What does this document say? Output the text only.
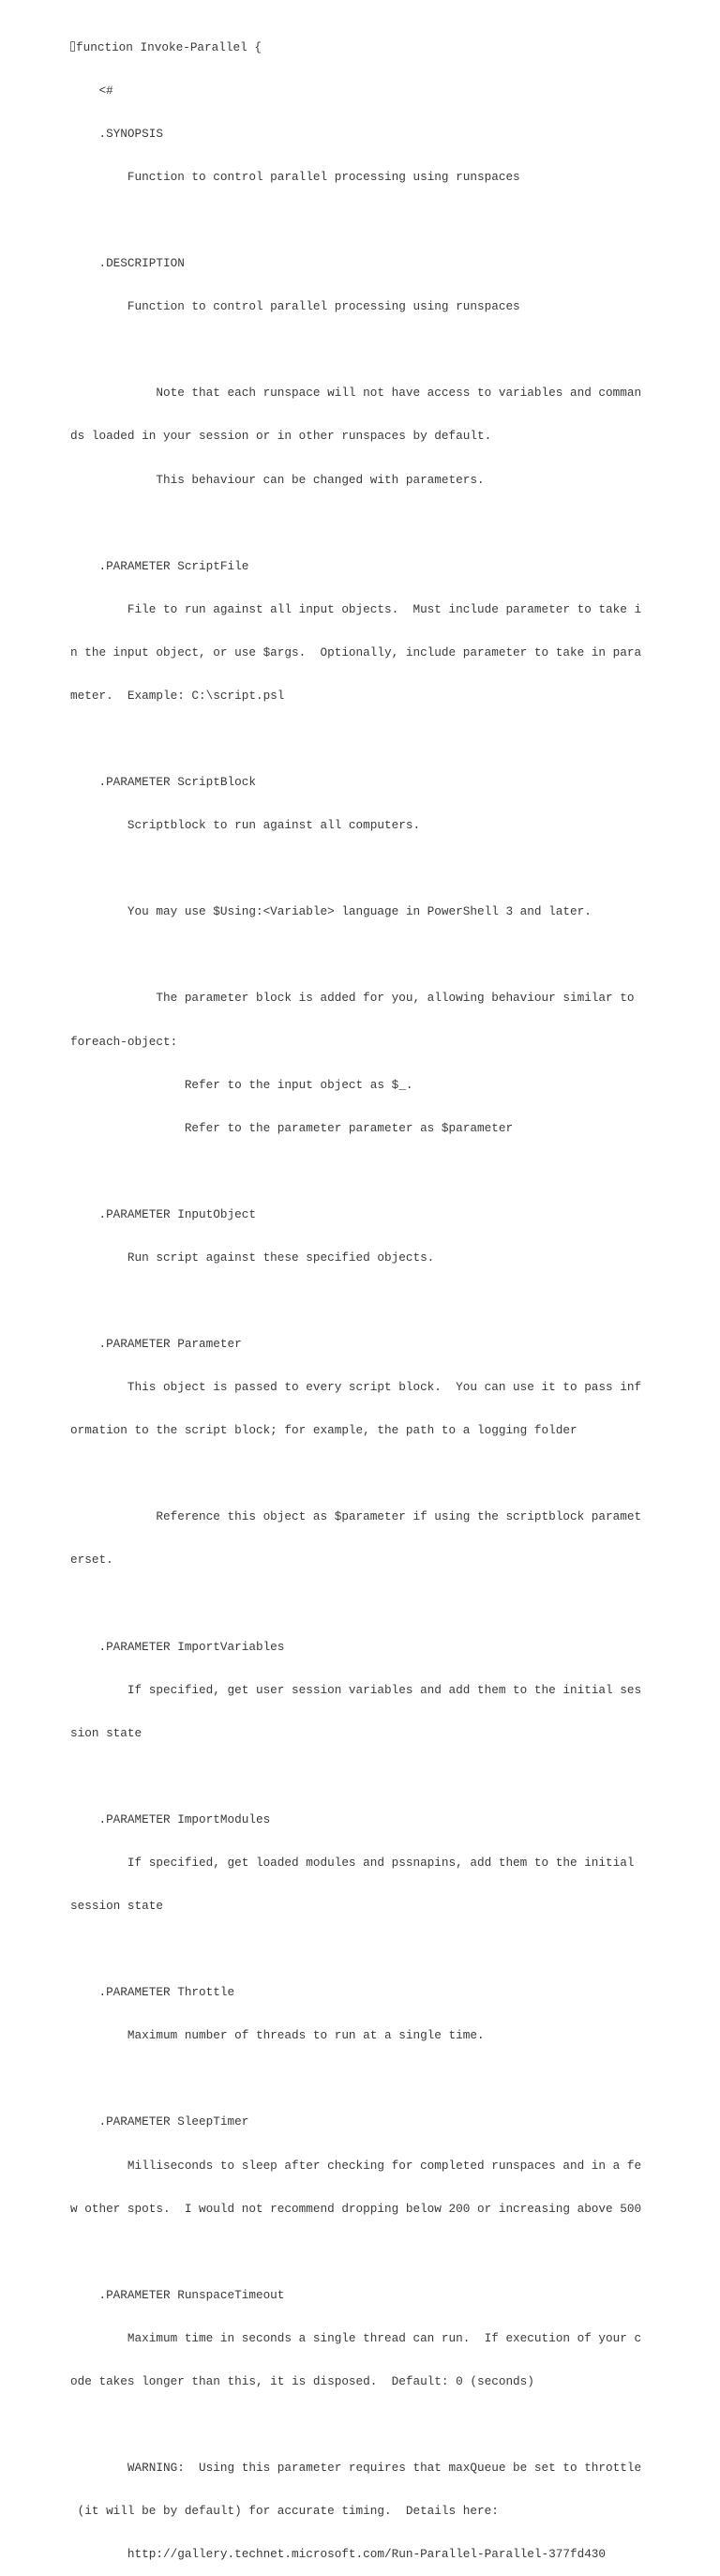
function Invoke-Parallel {

<#

.SYNOPSIS

Function to control parallel processing using runspaces

.DESCRIPTION

Function to control parallel processing using runspaces

Note that each runspace will not have access to variables and comman

ds loaded in your session or in other runspaces by default.

This behaviour can be changed with parameters.

.PARAMETER ScriptFile

File to run against all input objects.  Must include parameter to take i

n the input object, or use $args.  Optionally, include parameter to take in para

meter.  Example: C:\script.psl

.PARAMETER ScriptBlock

Scriptblock to run against all computers.

You may use $Using:<Variable> language in PowerShell 3 and later.

The parameter block is added for you, allowing behaviour similar to

foreach-object:

Refer to the input object as $_.

Refer to the parameter parameter as $parameter

.PARAMETER InputObject

Run script against these specified objects.

.PARAMETER Parameter

This object is passed to every script block.  You can use it to pass inf

ormation to the script block; for example, the path to a logging folder

Reference this object as $parameter if using the scriptblock paramet

erset.

.PARAMETER ImportVariables

If specified, get user session variables and add them to the initial ses

sion state

.PARAMETER ImportModules

If specified, get loaded modules and pssnapins, add them to the initial

session state

.PARAMETER Throttle

Maximum number of threads to run at a single time.

.PARAMETER SleepTimer

Milliseconds to sleep after checking for completed runspaces and in a fe

w other spots.  I would not recommend dropping below 200 or increasing above 500

.PARAMETER RunspaceTimeout

Maximum time in seconds a single thread can run.  If execution of your c

ode takes longer than this, it is disposed.  Default: 0 (seconds)

WARNING:  Using this parameter requires that maxQueue be set to throttle

(it will be by default) for accurate timing.  Details here:

http://gallery.technet.microsoft.com/Run-Parallel-Parallel-377fd430
